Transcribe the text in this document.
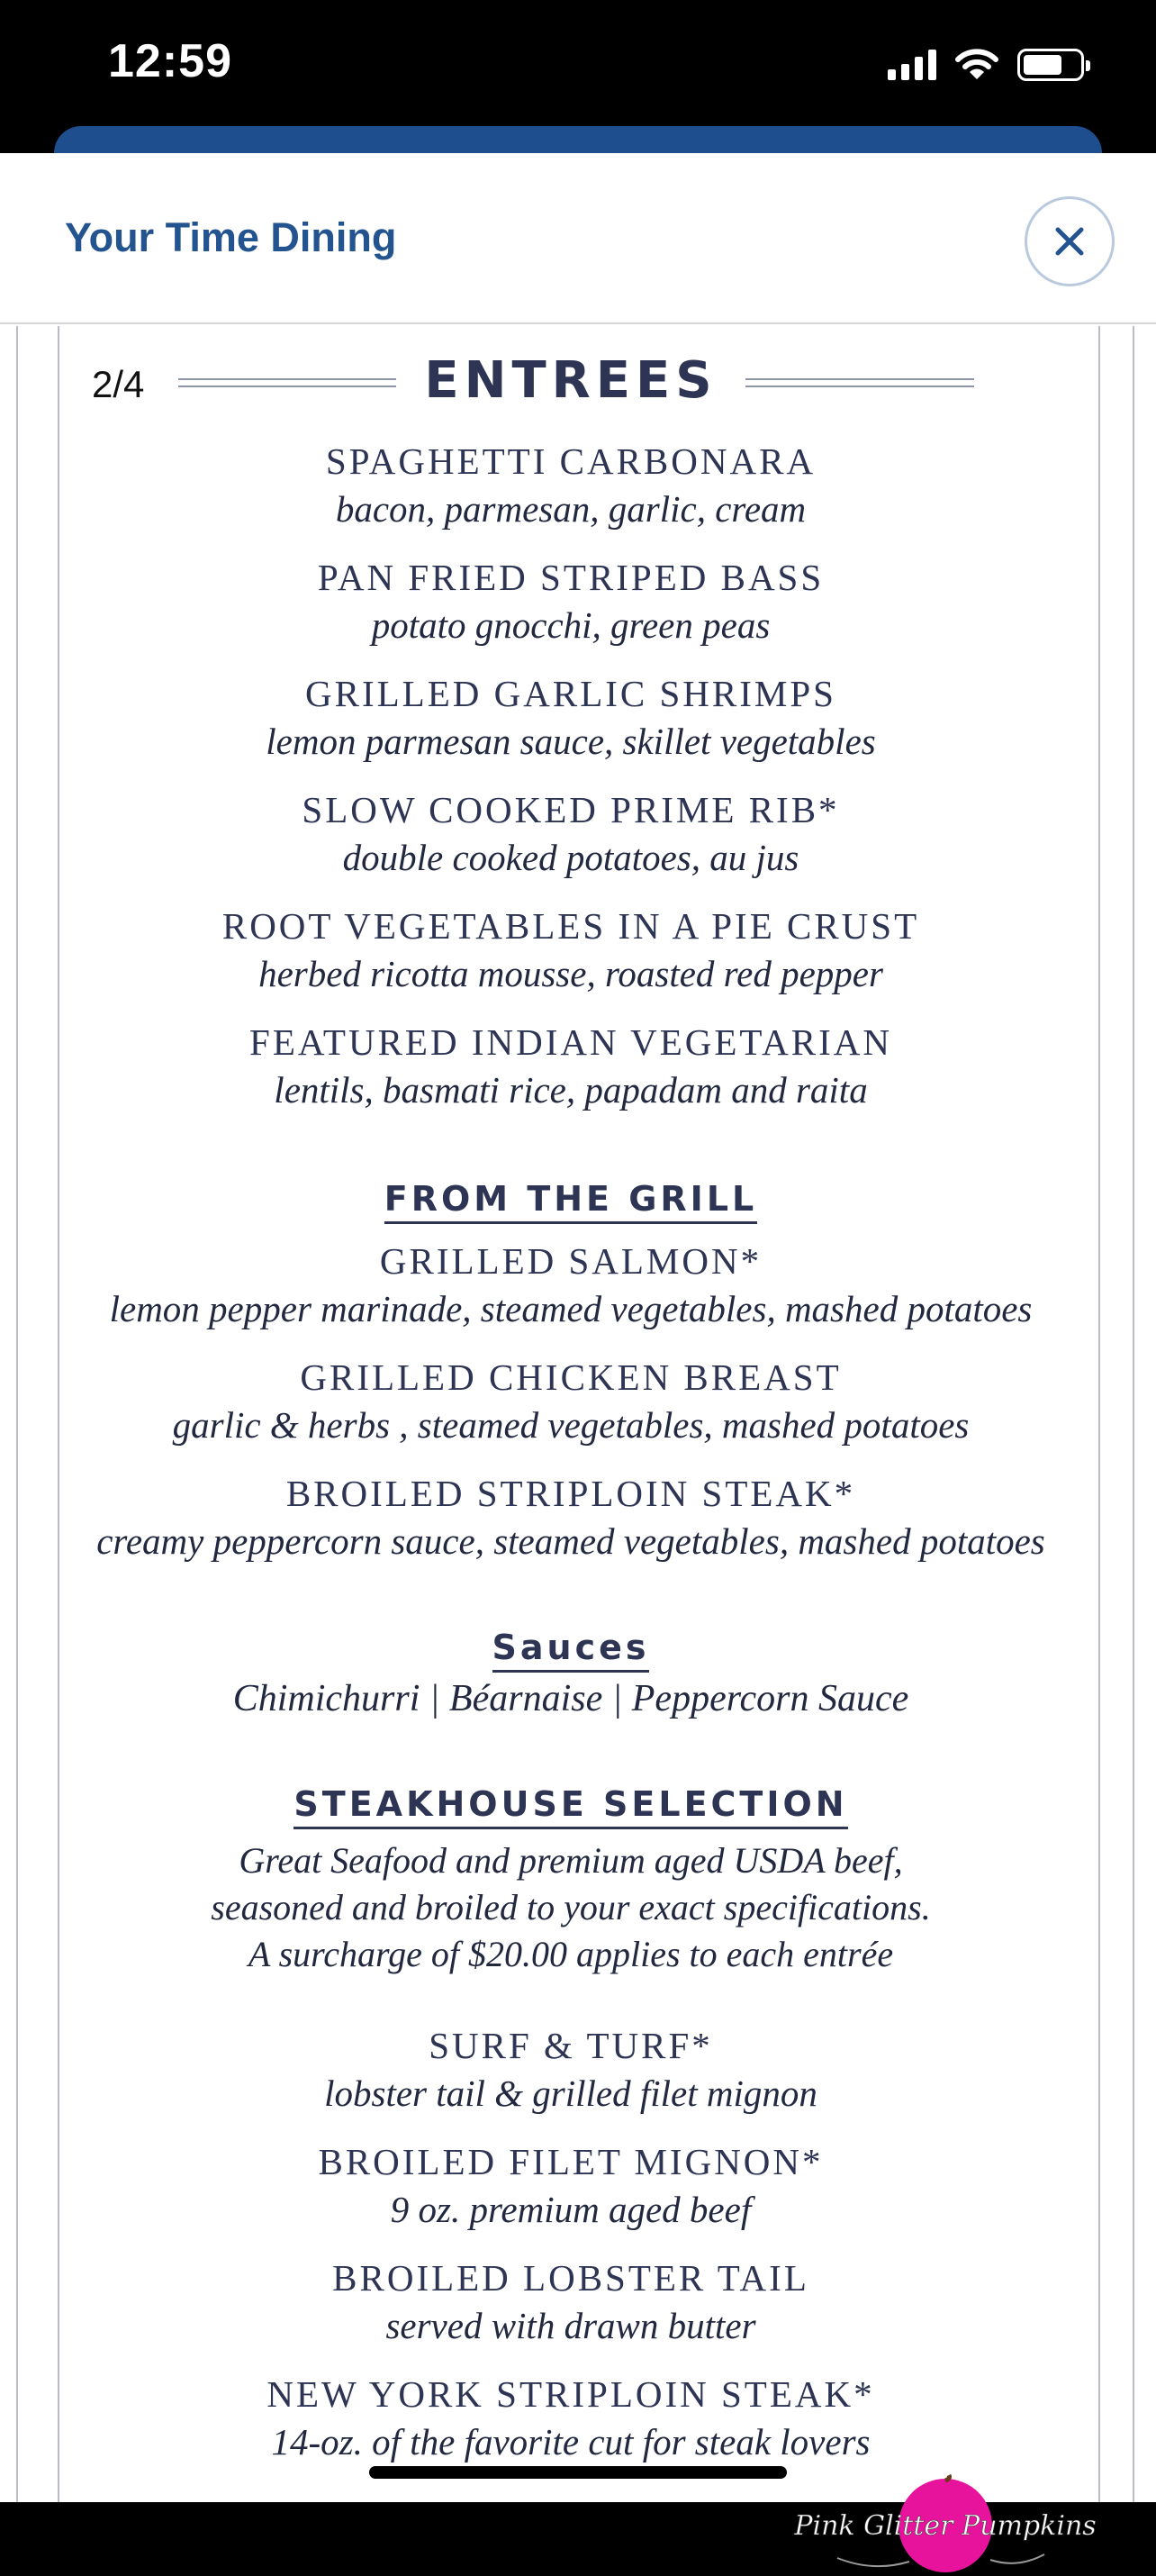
12:59
Your Time Dining
2/4	ENTREES
SPAGHETTI CARBONARA
bacon, parmesan, garlic, cream
PAN FRIED STRIPED BASS
potato gnocchi, green peas
GRILLED GARLIC SHRIMPS
lemon parmesan sauce, skillet vegetables
SLOW COOKED PRIME RIB*
double cooked potatoes, au jus
ROOT VEGETABLES IN A PIE CRUST
herbed ricotta mousse, roasted red pepper
FEATURED INDIAN VEGETARIAN
lentils, basmati rice, papadam and raita
FROM THE GRILL
GRILLED SALMON*
lemon pepper marinade, steamed vegetables, mashed potatoes
GRILLED CHICKEN BREAST
garlic & herbs , steamed vegetables, mashed potatoes
BROILED STRIPLOIN STEAK*
creamy peppercorn sauce, steamed vegetables, mashed potatoes
Sauces
Chimichurri | Béarnaise | Peppercorn Sauce
STEAKHOUSE SELECTION
Great Seafood and premium aged USDA beef,
seasoned and broiled to your exact specifications.
A surcharge of $20.00 applies to each entrée
SURF & TURF*
lobster tail & grilled filet mignon
BROILED FILET MIGNON*
9 oz. premium aged beef
BROILED LOBSTER TAIL
served with drawn butter
NEW YORK STRIPLOIN STEAK*
14-oz. of the favorite cut for steak lovers
Pink Glitter Pumpkins
